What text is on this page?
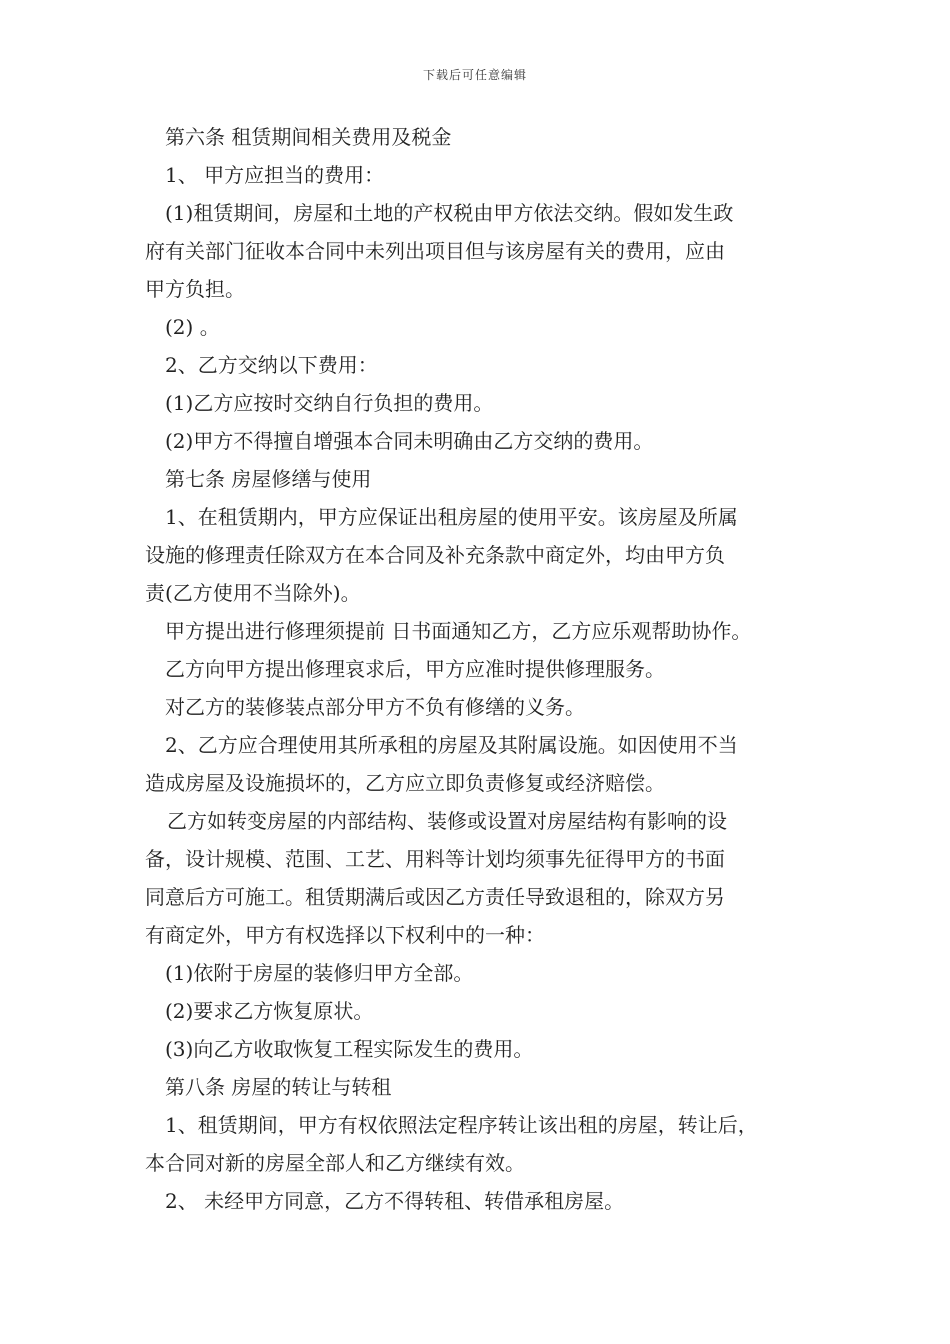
下载后可任意编辑
第六条 租赁期间相关费用及税金
1、 甲方应担当的费用：
(1)租赁期间，房屋和土地的产权税由甲方依法交纳。假如发生政
府有关部门征收本合同中未列出项目但与该房屋有关的费用，应由
甲方负担。
(2) 。
2、乙方交纳以下费用：
(1)乙方应按时交纳自行负担的费用。
(2)甲方不得擅自增强本合同未明确由乙方交纳的费用。
第七条 房屋修缮与使用
1、在租赁期内，甲方应保证出租房屋的使用平安。该房屋及所属
设施的修理责任除双方在本合同及补充条款中商定外，均由甲方负
责(乙方使用不当除外)。
甲方提出进行修理须提前 日书面通知乙方，乙方应乐观帮助协作。
乙方向甲方提出修理哀求后，甲方应准时提供修理服务。
对乙方的装修装点部分甲方不负有修缮的义务。
2、乙方应合理使用其所承租的房屋及其附属设施。如因使用不当
造成房屋及设施损坏的，乙方应立即负责修复或经济赔偿。
乙方如转变房屋的内部结构、装修或设置对房屋结构有影响的设
备，设计规模、范围、工艺、用料等计划均须事先征得甲方的书面
同意后方可施工。租赁期满后或因乙方责任导致退租的，除双方另
有商定外，甲方有权选择以下权利中的一种：
(1)依附于房屋的装修归甲方全部。
(2)要求乙方恢复原状。
(3)向乙方收取恢复工程实际发生的费用。
第八条 房屋的转让与转租
1、租赁期间，甲方有权依照法定程序转让该出租的房屋，转让后，
本合同对新的房屋全部人和乙方继续有效。
2、 未经甲方同意，乙方不得转租、转借承租房屋。
